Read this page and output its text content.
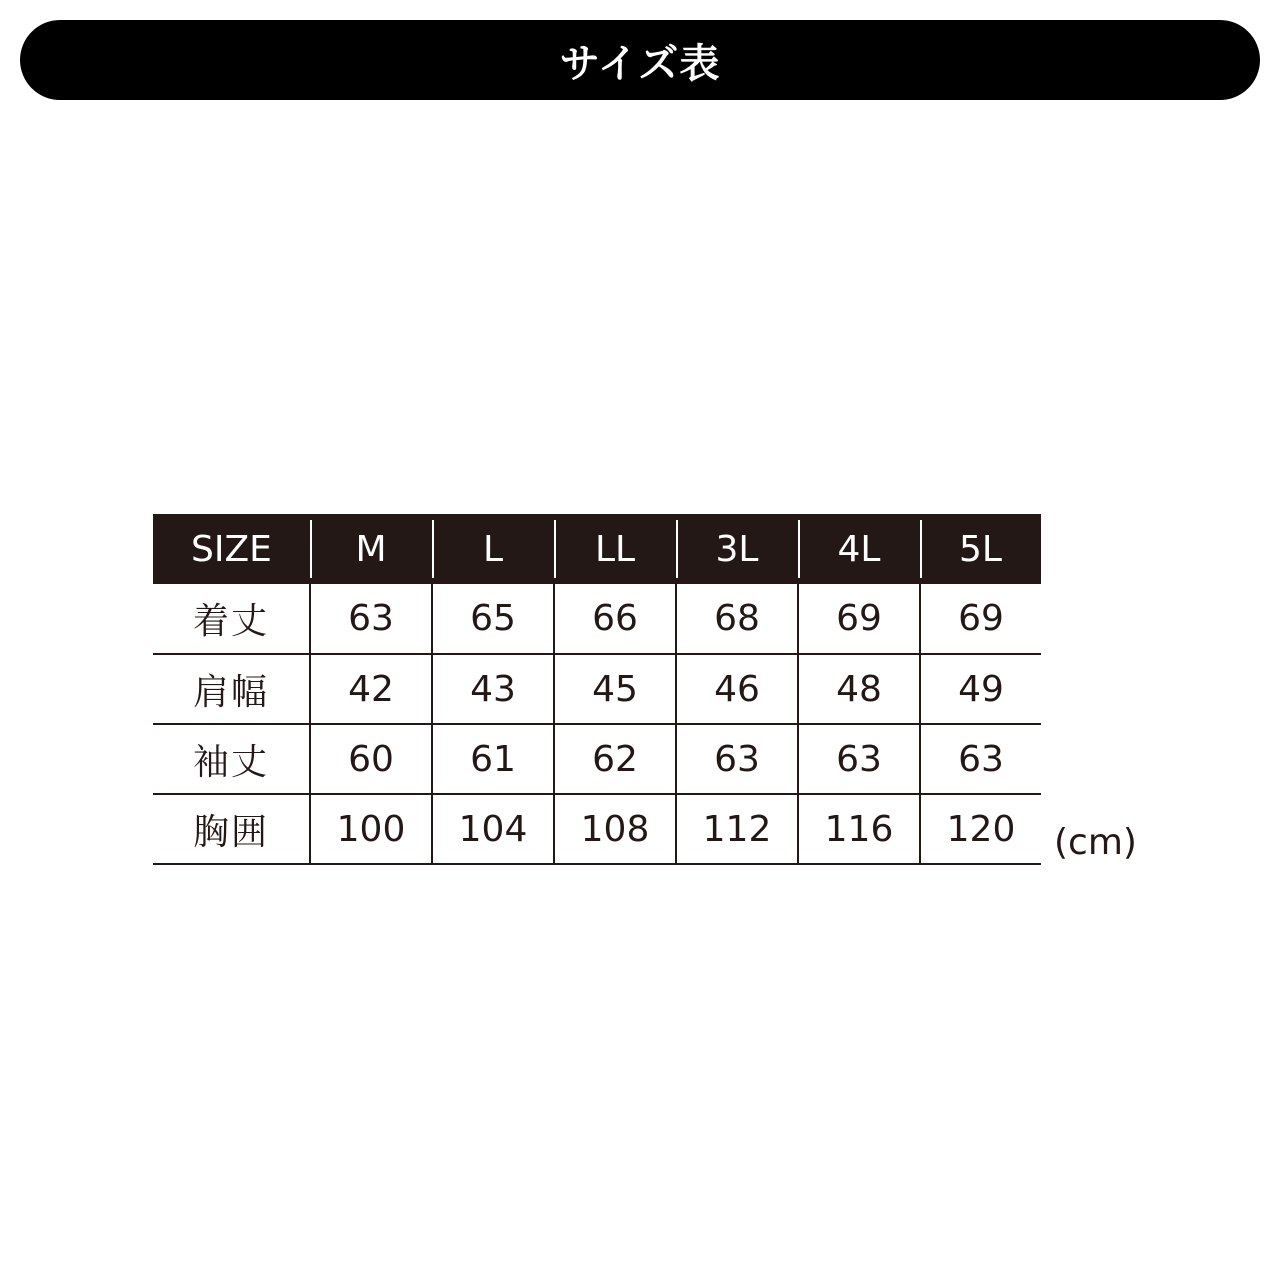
サイズ表
SIZE	M	L	LL	3L	4L	5L
着丈	63	65	66	68	69	69
肩幅	42	43	45	46	48	49
袖丈	60	61	62	63	63	63
胸囲	100	104	108	112	116	120 (cm)
